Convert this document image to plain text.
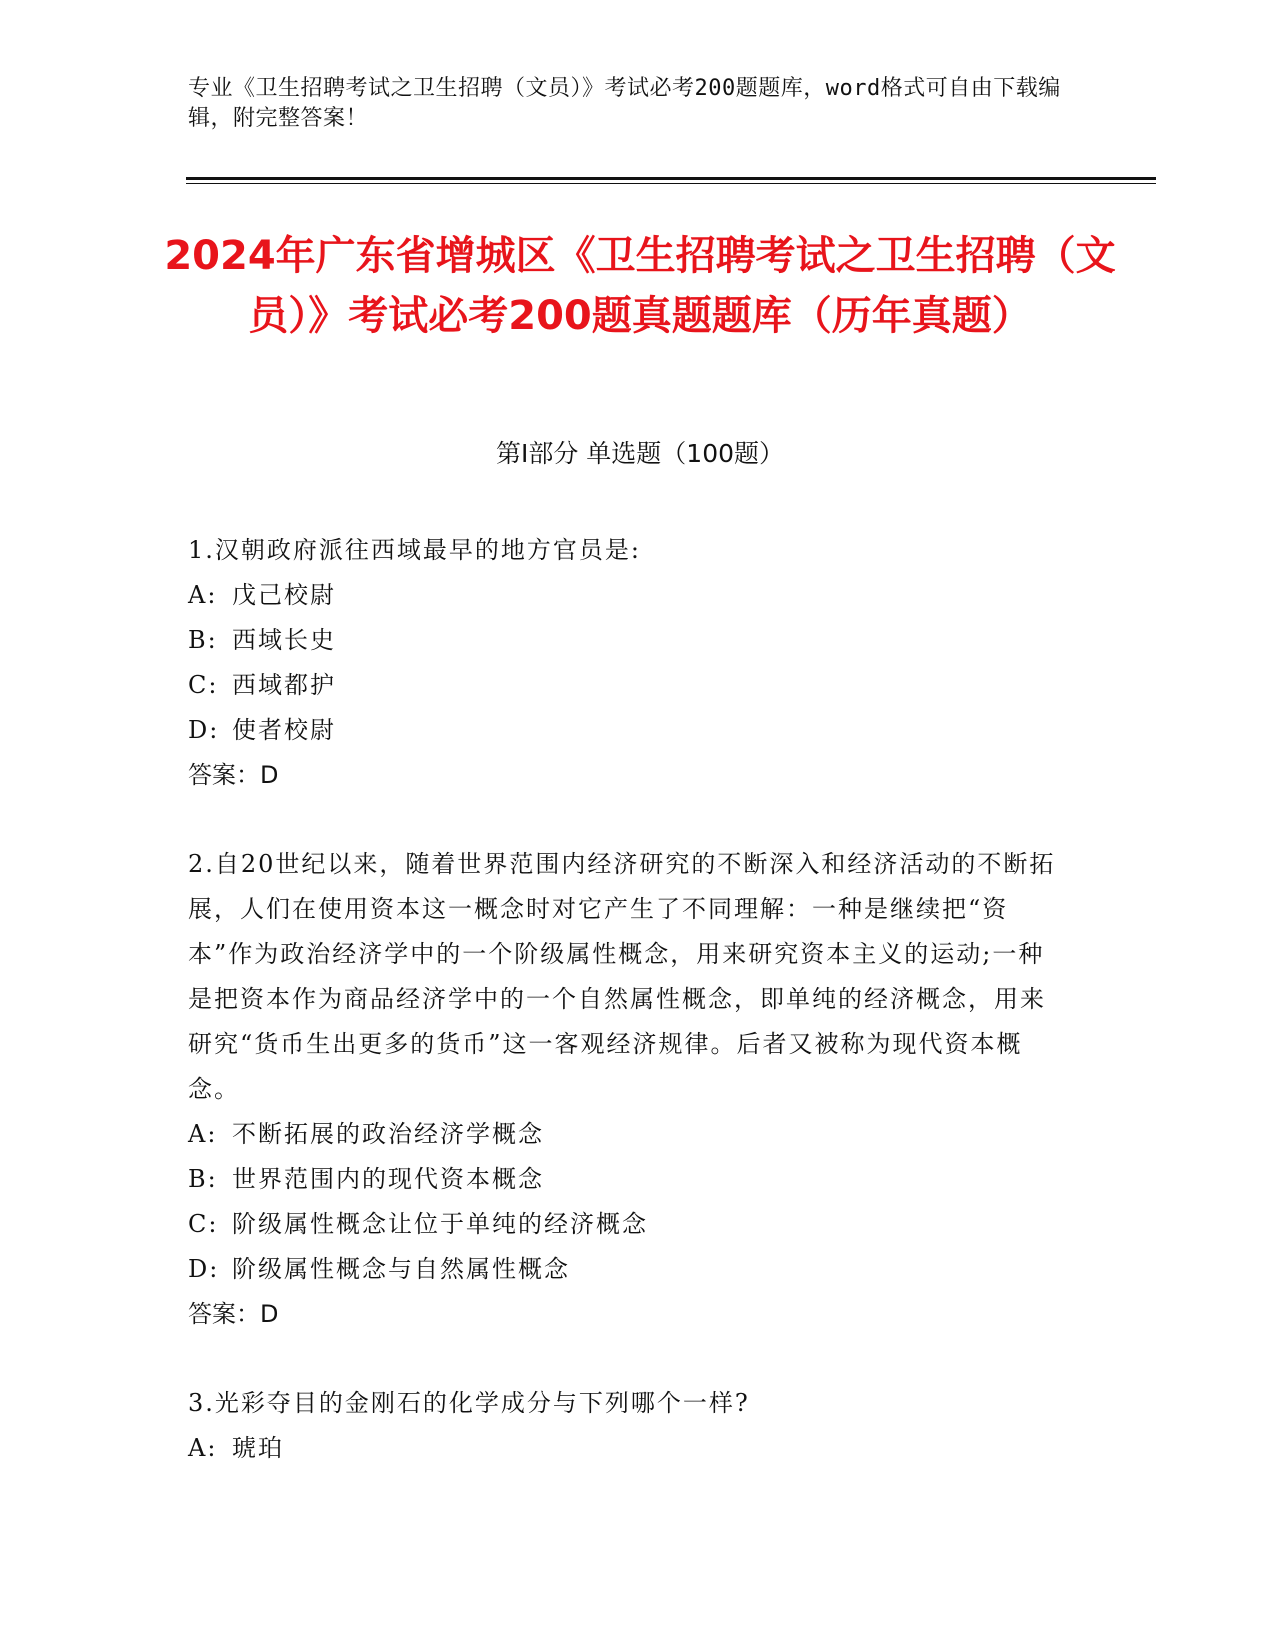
专业《卫生招聘考试之卫生招聘（文员）》考试必考200题题库，word格式可自由下载编辑，附完整答案！
2024年广东省增城区《卫生招聘考试之卫生招聘（文员）》考试必考200题真题题库（历年真题）
第I部分 单选题（100题）

1.汉朝政府派往西域最早的地方官员是:

A: 戊己校尉

B: 西域长史

C: 西域都护

D: 使者校尉

答案：D

2.自20世纪以来，随着世界范围内经济研究的不断深入和经济活动的不断拓展，人们在使用资本这一概念时对它产生了不同理解：一种是继续把“资本”作为政治经济学中的一个阶级属性概念，用来研究资本主义的运动;一种是把资本作为商品经济学中的一个自然属性概念，即单纯的经济概念，用来研究“货币生出更多的货币”这一客观经济规律。后者又被称为现代资本概念。

A: 不断拓展的政治经济学概念

B: 世界范围内的现代资本概念

C: 阶级属性概念让位于单纯的经济概念

D: 阶级属性概念与自然属性概念

答案：D

3.光彩夺目的金刚石的化学成分与下列哪个一样?

A: 琥珀
